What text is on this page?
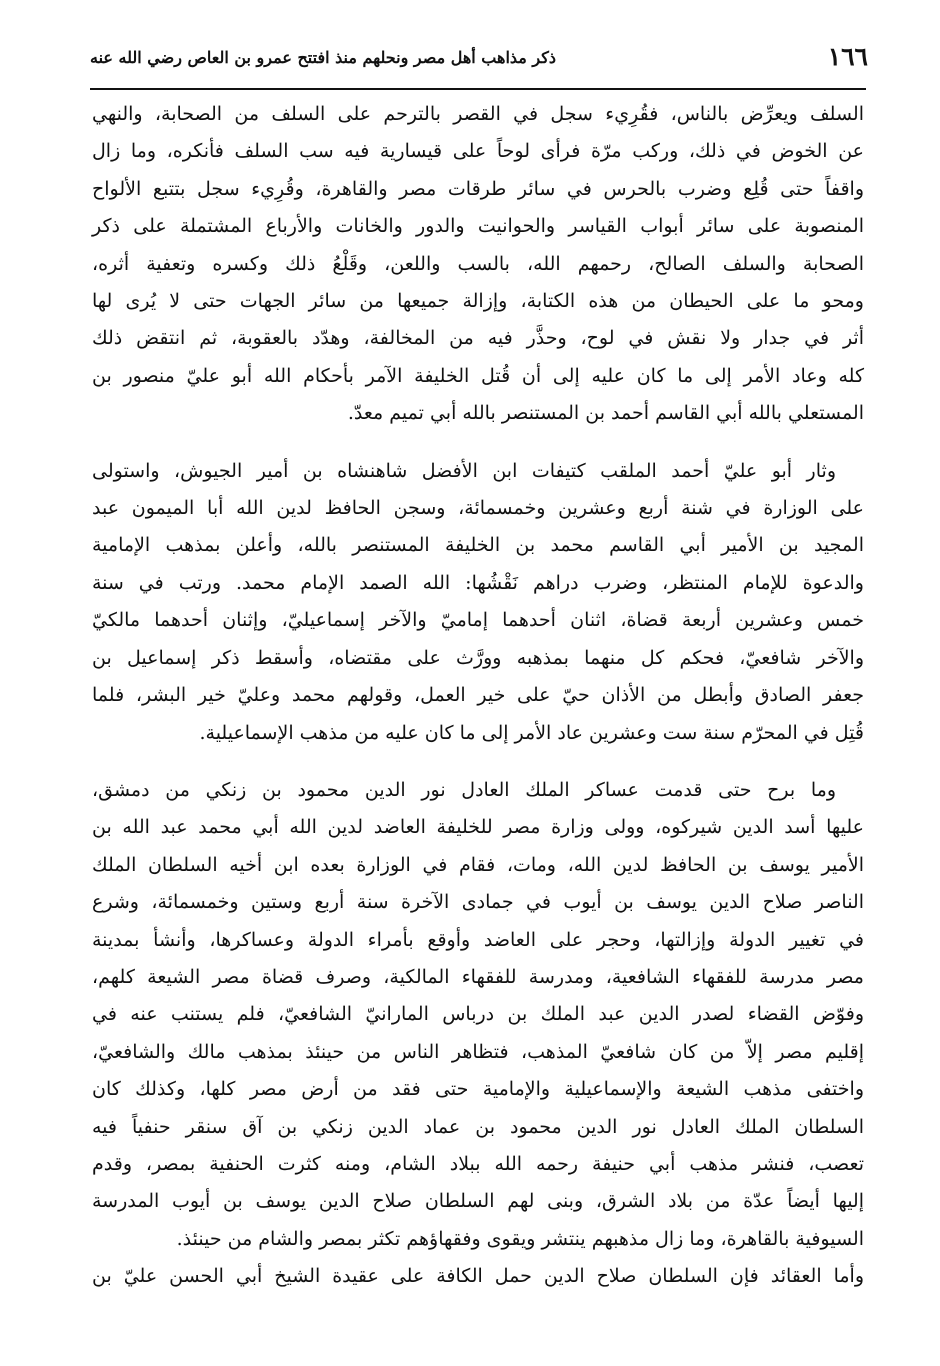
١٦٦
ذكر مذاهب أهل مصر ونحلهم منذ افتتح عمرو بن العاص رضي الله عنه

السلف ويعرِّض بالناس، فقُرِيء سجل في القصر بالترحم على السلف من الصحابة، والنهي
عن الخوض في ذلك، وركب مرّة فرأى لوحاً على قيسارية فيه سب السلف فأنكره، وما زال
واقفاً حتى قُلِع وضرب بالحرس في سائر طرقات مصر والقاهرة، وقُرِيء سجل بتتبع الألواح
المنصوبة على سائر أبواب القياسر والحوانيت والدور والخانات والأرباع المشتملة على ذكر
الصحابة والسلف الصالح، رحمهم الله، بالسب واللعن، وقَلْعُ ذلك وكسره وتعفية أثره،
ومحو ما على الحيطان من هذه الكتابة، وإزالة جميعها من سائر الجهات حتى لا يُرى لها
أثر في جدار ولا نقش في لوح، وحذَّر فيه من المخالفة، وهدّد بالعقوبة، ثم انتقض ذلك
كله وعاد الأمر إلى ما كان عليه إلى أن قُتل الخليفة الآمر بأحكام الله أبو عليّ منصور بن
المستعلي بالله أبي القاسم أحمد بن المستنصر بالله أبي تميم معدّ.

وثار أبو عليّ أحمد الملقب كتيفات ابن الأفضل شاهنشاه بن أمير الجيوش، واستولى
على الوزارة في شنة أربع وعشرين وخمسمائة، وسجن الحافظ لدين الله أبا الميمون عبد
المجيد بن الأمير أبي القاسم محمد بن الخليفة المستنصر بالله، وأعلن بمذهب الإمامية
والدعوة للإمام المنتظر، وضرب دراهم نَقْشُها: الله الصمد الإمام محمد. ورتب في سنة
خمس وعشرين أربعة قضاة، اثنان أحدهما إماميّ والآخر إسماعيليّ، وإثنان أحدهما مالكيّ
والآخر شافعيّ، فحكم كل منهما بمذهبه وورَّث على مقتضاه، وأسقط ذكر إسماعيل بن
جعفر الصادق وأبطل من الأذان حيّ على خير العمل، وقولهم محمد وعليّ خير البشر، فلما
قُتِل في المحرّم سنة ست وعشرين عاد الأمر إلى ما كان عليه من مذهب الإسماعيلية.

وما برح حتى قدمت عساكر الملك العادل نور الدين محمود بن زنكي من دمشق،
عليها أسد الدين شيركوه، وولى وزارة مصر للخليفة العاضد لدين الله أبي محمد عبد الله بن
الأمير يوسف بن الحافظ لدين الله، ومات، فقام في الوزارة بعده ابن أخيه السلطان الملك
الناصر صلاح الدين يوسف بن أيوب في جمادى الآخرة سنة أربع وستين وخمسمائة، وشرع
في تغيير الدولة وإزالتها، وحجر على العاضد وأوقع بأمراء الدولة وعساكرها، وأنشأ بمدينة
مصر مدرسة للفقهاء الشافعية، ومدرسة للفقهاء المالكية، وصرف قضاة مصر الشيعة كلهم،
وفوّض القضاء لصدر الدين عبد الملك بن درباس المارانيّ الشافعيّ، فلم يستنب عنه في
إقليم مصر إلاّ من كان شافعيّ المذهب، فتظاهر الناس من حينئذ بمذهب مالك والشافعيّ،
واختفى مذهب الشيعة والإسماعيلية والإمامية حتى فقد من أرض مصر كلها، وكذلك كان
السلطان الملك العادل نور الدين محمود بن عماد الدين زنكي بن آق سنقر حنفياً فيه
تعصب، فنشر مذهب أبي حنيفة رحمه الله ببلاد الشام، ومنه كثرت الحنفية بمصر، وقدم
إليها أيضاً عدّة من بلاد الشرق، وبنى لهم السلطان صلاح الدين يوسف بن أيوب المدرسة
السيوفية بالقاهرة، وما زال مذهبهم ينتشر ويقوى وفقهاؤهم تكثر بمصر والشام من حينئذ.
وأما العقائد فإن السلطان صلاح الدين حمل الكافة على عقيدة الشيخ أبي الحسن عليّ بن
